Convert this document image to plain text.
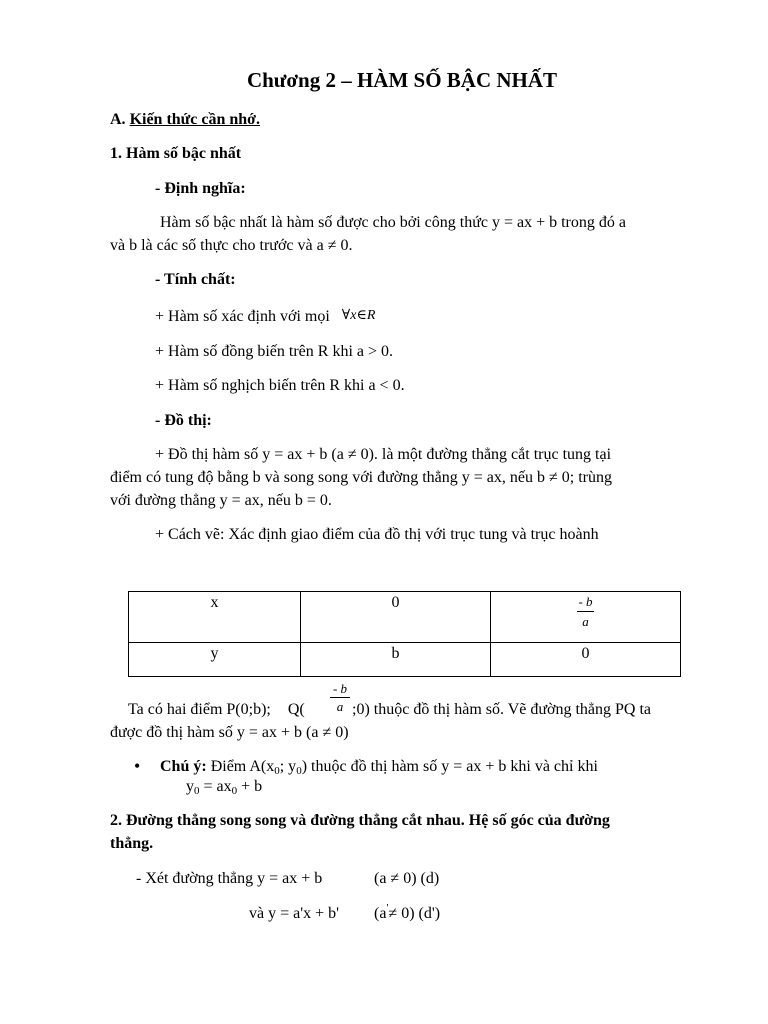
Chương 2 – HÀM SỐ BẬC NHẤT
A. Kiến thức cần nhớ.
1. Hàm số bậc nhất
- Định nghĩa:
Hàm số bậc nhất là hàm số được cho bởi công thức y = ax + b trong đó a
và b là các số thực cho trước và a ≠ 0.
- Tính chất:
+ Hàm số xác định với mọi ∀x∈R
+ Hàm số đồng biến trên R khi a > 0.
+ Hàm số nghịch biến trên R khi a < 0.
- Đồ thị:
+ Đồ thị hàm số y = ax + b (a ≠ 0). là một đường thẳng cắt trục tung tại
điểm có tung độ bằng b và song song với đường thẳng y = ax, nếu b ≠ 0; trùng
với đường thẳng y = ax, nếu b = 0.
+ Cách vẽ: Xác định giao điểm của đồ thị với trục tung và trục hoành
x	0	$\frac{- b}{a}$

y	b	0
Ta có hai điểm P(0;b); Q(
- b
a ;0) thuộc đồ thị hàm số. Vẽ đường thẳng PQ ta
được đồ thị hàm số y = ax + b (a ≠ 0)
• Chú ý: Điểm $A(x_0$; $y_0$) thuộc đồ thị hàm số y = ax + b khi và chỉ khi
$y_0 = ax_0 + b$
2. Đường thẳng song song và đường thẳng cắt nhau. Hệ số góc của đường
thẳng.
- Xét đường thẳng y = ax + b	(a ≠ 0) (d)
và y = a'x + b' (a'≠ 0) (d')
